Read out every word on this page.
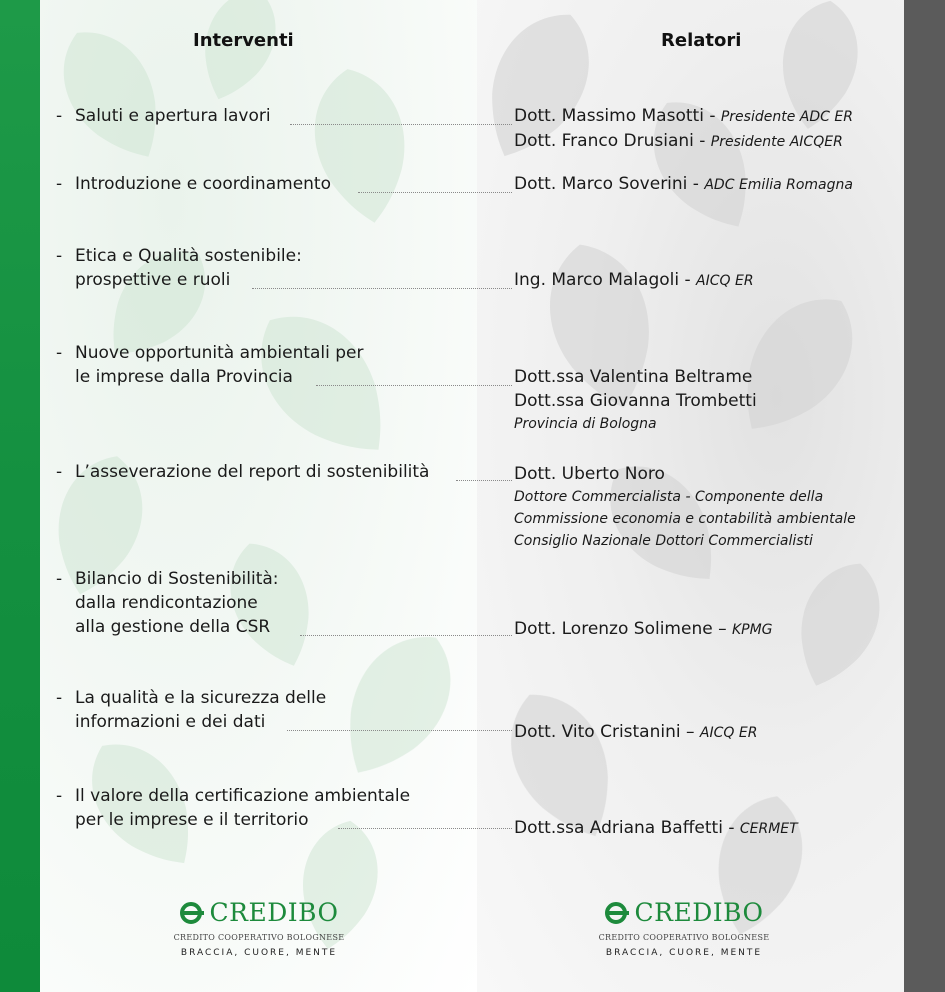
Interventi	Relatori
- Saluti e apertura lavori	Dott. Massimo Masotti - Presidente ADC ER
Dott. Franco Drusiani - Presidente AICQER
- Introduzione e coordinamento	Dott. Marco Soverini - ADC Emilia Romagna
- Etica e Qualità sostenibile:
prospettive e ruoli	Ing. Marco Malagoli - AICQ ER
- Nuove opportunità ambientali per
le imprese dalla Provincia	Dott.ssa Valentina Beltrame
Dott.ssa Giovanna Trombetti
Provincia di Bologna
- L’asseverazione del report di sostenibilità	Dott. Uberto Noro
Dottore Commercialista - Componente della
Commissione economia e contabilità ambientale
Consiglio Nazionale Dottori Commercialisti
- Bilancio di Sostenibilità:
dalla rendicontazione
alla gestione della CSR	Dott. Lorenzo Solimene – KPMG
- La qualità e la sicurezza delle
informazioni e dei dati	Dott. Vito Cristanini – AICQ ER
- Il valore della certificazione ambientale
per le imprese e il territorio	Dott.ssa Adriana Baffetti - CERMET
CREDIBO
CREDITO COOPERATIVO BOLOGNESE
BRACCIA, CUORE, MENTE
CREDIBO
CREDITO COOPERATIVO BOLOGNESE
BRACCIA, CUORE, MENTE
